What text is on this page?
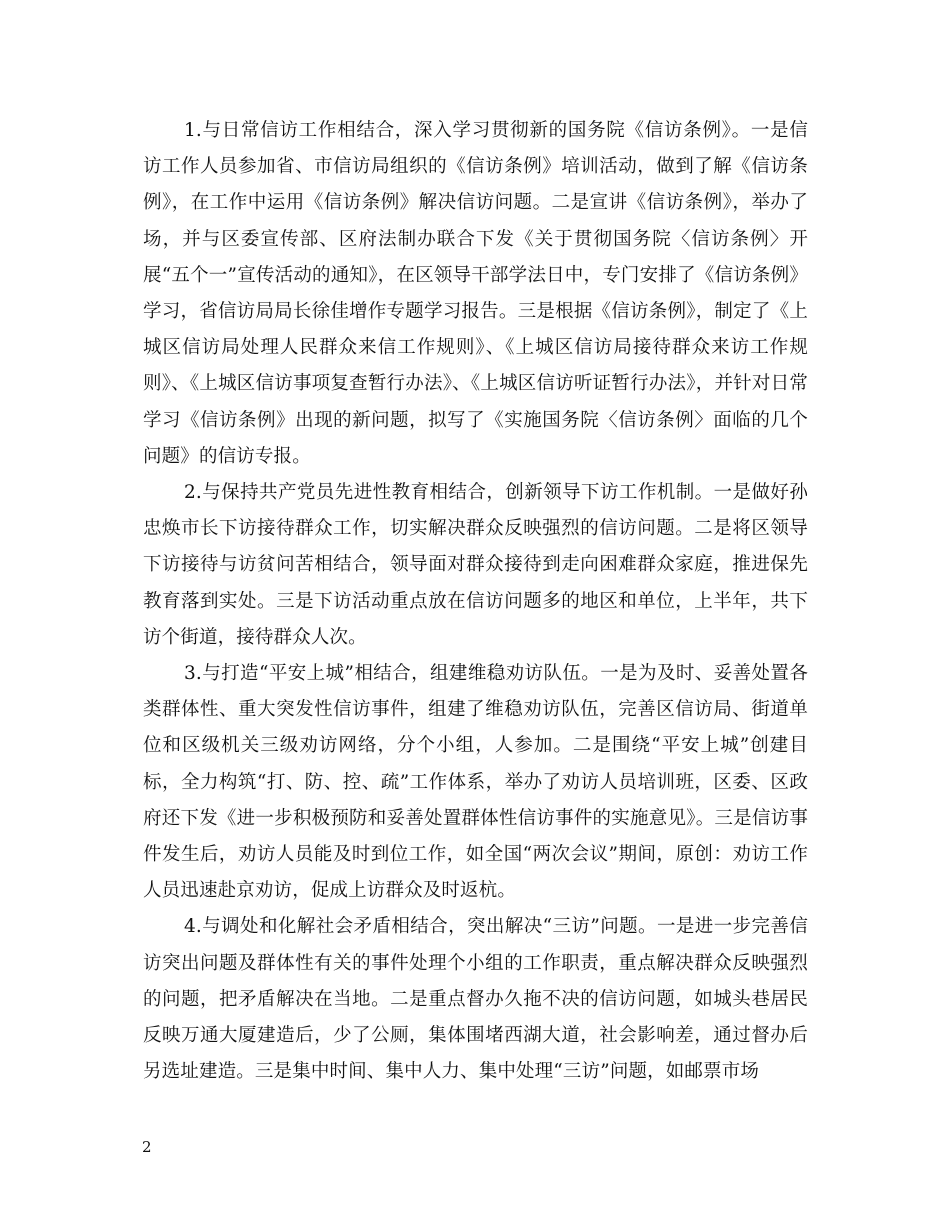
1.与日常信访工作相结合，深入学习贯彻新的国务院《信访条例》。一是信访工作人员参加省、市信访局组织的《信访条例》培训活动，做到了解《信访条例》，在工作中运用《信访条例》解决信访问题。二是宣讲《信访条例》，举办了场，并与区委宣传部、区府法制办联合下发《关于贯彻国务院〈信访条例〉开展“五个一”宣传活动的通知》，在区领导干部学法日中，专门安排了《信访条例》学习，省信访局局长徐佳增作专题学习报告。三是根据《信访条例》，制定了《上城区信访局处理人民群众来信工作规则》、《上城区信访局接待群众来访工作规则》、《上城区信访事项复查暂行办法》、《上城区信访听证暂行办法》，并针对日常学习《信访条例》出现的新问题，拟写了《实施国务院〈信访条例〉面临的几个问题》的信访专报。

2.与保持共产党员先进性教育相结合，创新领导下访工作机制。一是做好孙忠焕市长下访接待群众工作，切实解决群众反映强烈的信访问题。二是将区领导下访接待与访贫问苦相结合，领导面对群众接待到走向困难群众家庭，推进保先教育落到实处。三是下访活动重点放在信访问题多的地区和单位，上半年，共下访个街道，接待群众人次。

3.与打造“平安上城”相结合，组建维稳劝访队伍。一是为及时、妥善处置各类群体性、重大突发性信访事件，组建了维稳劝访队伍，完善区信访局、街道单位和区级机关三级劝访网络，分个小组，人参加。二是围绕“平安上城”创建目标，全力构筑“打、防、控、疏”工作体系，举办了劝访人员培训班，区委、区政府还下发《进一步积极预防和妥善处置群体性信访事件的实施意见》。三是信访事件发生后，劝访人员能及时到位工作，如全国“两次会议”期间，原创：劝访工作人员迅速赴京劝访，促成上访群众及时返杭。

4.与调处和化解社会矛盾相结合，突出解决“三访”问题。一是进一步完善信访突出问题及群体性有关的事件处理个小组的工作职责，重点解决群众反映强烈的问题，把矛盾解决在当地。二是重点督办久拖不决的信访问题，如城头巷居民反映万通大厦建造后，少了公厕，集体围堵西湖大道，社会影响差，通过督办后另选址建造。三是集中时间、集中人力、集中处理“三访”问题，如邮票市场

2
